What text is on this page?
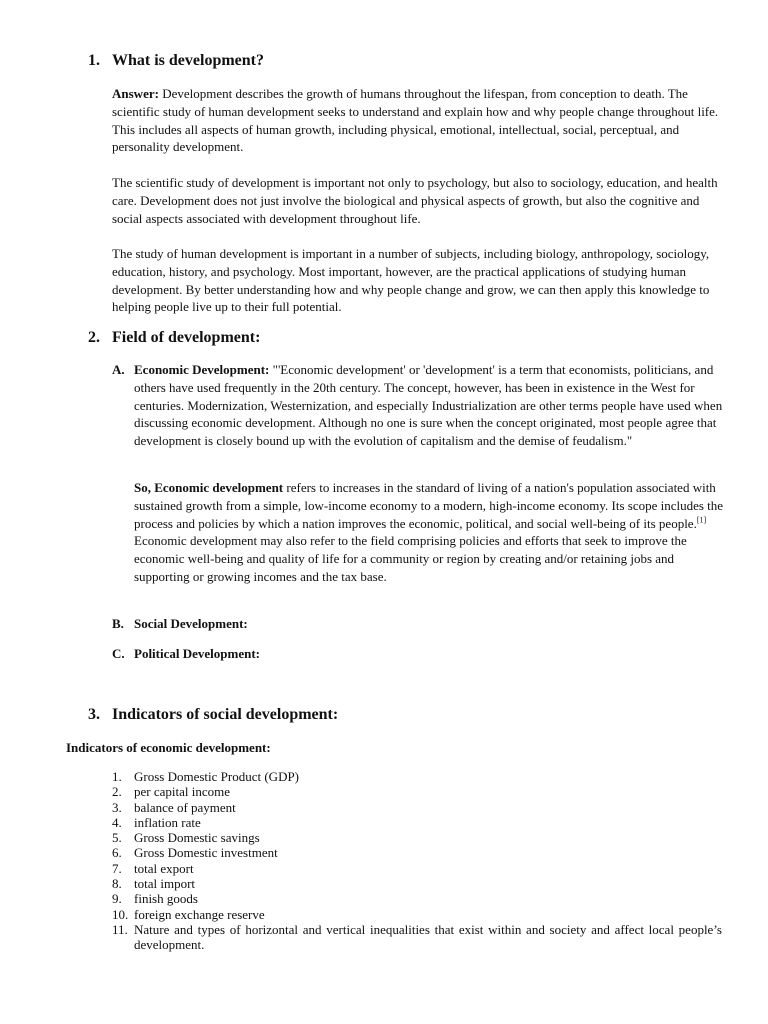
1. What is development?

Answer: Development describes the growth of humans throughout the lifespan, from conception to death. The scientific study of human development seeks to understand and explain how and why people change throughout life. This includes all aspects of human growth, including physical, emotional, intellectual, social, perceptual, and personality development.

The scientific study of development is important not only to psychology, but also to sociology, education, and health care. Development does not just involve the biological and physical aspects of growth, but also the cognitive and social aspects associated with development throughout life.

The study of human development is important in a number of subjects, including biology, anthropology, sociology, education, history, and psychology. Most important, however, are the practical applications of studying human development. By better understanding how and why people change and grow, we can then apply this knowledge to helping people live up to their full potential.

2. Field of development:
A. Economic Development: "'Economic development' or 'development' is a term that economists, politicians, and others have used frequently in the 20th century. The concept, however, has been in existence in the West for centuries. Modernization, Westernization, and especially Industrialization are other terms people have used when discussing economic development. Although no one is sure when the concept originated, most people agree that development is closely bound up with the evolution of capitalism and the demise of feudalism."

So, Economic development refers to increases in the standard of living of a nation's population associated with sustained growth from a simple, low-income economy to a modern, high-income economy. Its scope includes the process and policies by which a nation improves the economic, political, and social well-being of its people.[1] Economic development may also refer to the field comprising policies and efforts that seek to improve the economic well-being and quality of life for a community or region by creating and/or retaining jobs and supporting or growing incomes and the tax base.

B. Social Development:
C. Political Development:
3. Indicators of social development:

Indicators of economic development:

1. Gross Domestic Product (GDP)
2. per capital income
3. balance of payment
4. inflation rate
5. Gross Domestic savings
6. Gross Domestic investment
7. total export
8. total import
9. finish goods
10. foreign exchange reserve
11. Nature and types of horizontal and vertical inequalities that exist within and society and affect local people’s development.
